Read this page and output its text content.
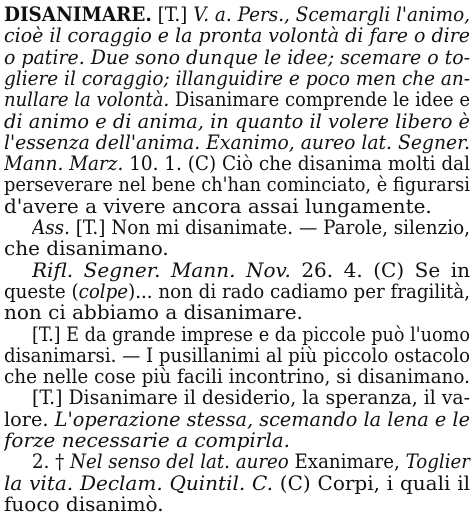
DISANIMARE. [T.] V. a. Pers., Scemargli l'animo,
cioè il coraggio e la pronta volontà di fare o dire
o patire. Due sono dunque le idee; scemare o to-
gliere il coraggio; illanguidire e poco men che an-
nullare la volontà. Disanimare comprende le idee e
di animo e di anima, in quanto il volere libero è
l'essenza dell'anima. Exanimo, aureo lat. Segner.
Mann. Marz. 10. 1. (C) Ciò che disanima molti dal
perseverare nel bene ch'han cominciato, è figurarsi
d'avere a vivere ancora assai lungamente.
Ass. [T.] Non mi disanimate. — Parole, silenzio,
che disanimano.
Rifl. Segner. Mann. Nov. 26. 4. (C) Se in
queste (colpe)... non di rado cadiamo per fragilità,
non ci abbiamo a disanimare.
[T.] E da grande imprese e da piccole può l'uomo
disanimarsi. — I pusillanimi al più piccolo ostacolo
che nelle cose più facili incontrino, si disanimano.
[T.] Disanimare il desiderio, la speranza, il va-
lore. L'operazione stessa, scemando la lena e le
forze necessarie a compirla.
2. † Nel senso del lat. aureo Exanimare, Toglier
la vita. Declam. Quintil. C. (C) Corpi, i quali il
fuoco disanimò.
